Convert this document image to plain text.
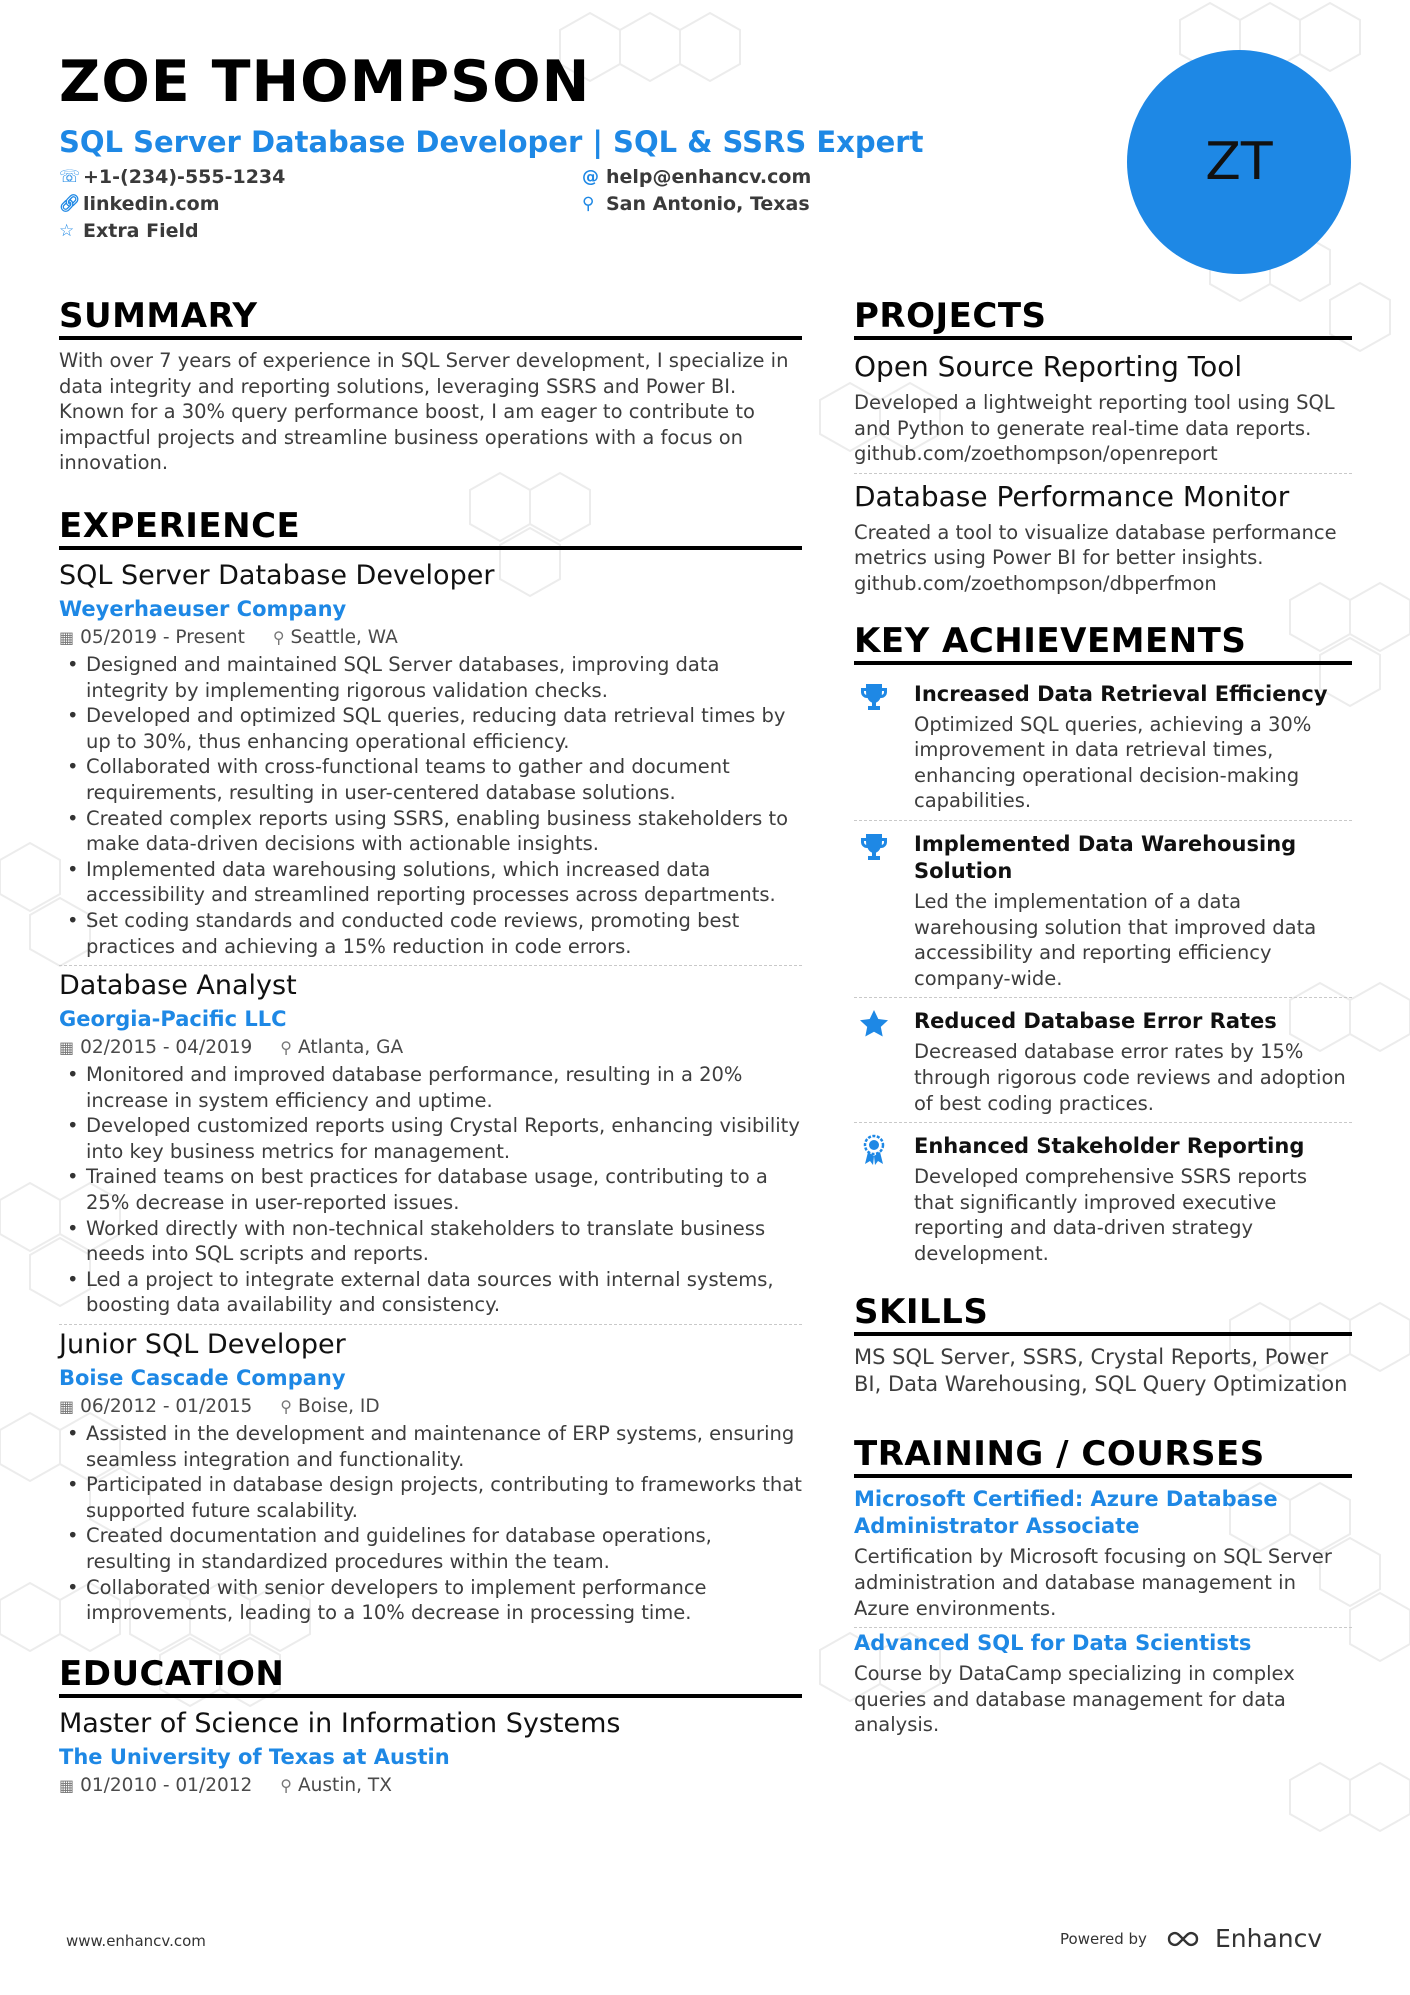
ZOE THOMPSON
SQL Server Database Developer | SQL & SSRS Expert
☏ +1-(234)-555-1234	@ help@enhancv.com
🔗︎ linkedin.com	⚲ San Antonio, Texas
☆ Extra Field
ZT
SUMMARY
With over 7 years of experience in SQL Server development, I specialize in data integrity and reporting solutions, leveraging SSRS and Power BI. Known for a 30% query performance boost, I am eager to contribute to impactful projects and streamline business operations with a focus on innovation.
EXPERIENCE
SQL Server Database Developer
Weyerhaeuser Company
▦ 05/2019 - Present ⚲ Seattle, WA
• Designed and maintained SQL Server databases, improving data integrity by implementing rigorous validation checks.
• Developed and optimized SQL queries, reducing data retrieval times by up to 30%, thus enhancing operational efficiency.
• Collaborated with cross-functional teams to gather and document requirements, resulting in user-centered database solutions.
• Created complex reports using SSRS, enabling business stakeholders to make data-driven decisions with actionable insights.
• Implemented data warehousing solutions, which increased data accessibility and streamlined reporting processes across departments.
• Set coding standards and conducted code reviews, promoting best practices and achieving a 15% reduction in code errors.
Database Analyst
Georgia-Pacific LLC
▦ 02/2015 - 04/2019 ⚲ Atlanta, GA
• Monitored and improved database performance, resulting in a 20% increase in system efficiency and uptime.
• Developed customized reports using Crystal Reports, enhancing visibility into key business metrics for management.
• Trained teams on best practices for database usage, contributing to a 25% decrease in user-reported issues.
• Worked directly with non-technical stakeholders to translate business needs into SQL scripts and reports.
• Led a project to integrate external data sources with internal systems, boosting data availability and consistency.
Junior SQL Developer
Boise Cascade Company
▦ 06/2012 - 01/2015 ⚲ Boise, ID
• Assisted in the development and maintenance of ERP systems, ensuring seamless integration and functionality.
• Participated in database design projects, contributing to frameworks that supported future scalability.
• Created documentation and guidelines for database operations, resulting in standardized procedures within the team.
• Collaborated with senior developers to implement performance improvements, leading to a 10% decrease in processing time.
EDUCATION
Master of Science in Information Systems
The University of Texas at Austin
▦ 01/2010 - 01/2012 ⚲ Austin, TX
PROJECTS
Open Source Reporting Tool
Developed a lightweight reporting tool using SQL and Python to generate real-time data reports. github.com/zoethompson/openreport
Database Performance Monitor
Created a tool to visualize database performance metrics using Power BI for better insights. github.com/zoethompson/dbperfmon
KEY ACHIEVEMENTS
Increased Data Retrieval Efficiency
Optimized SQL queries, achieving a 30% improvement in data retrieval times, enhancing operational decision-making capabilities.
Implemented Data Warehousing Solution
Led the implementation of a data warehousing solution that improved data accessibility and reporting efficiency company-wide.
Reduced Database Error Rates
Decreased database error rates by 15% through rigorous code reviews and adoption of best coding practices.
Enhanced Stakeholder Reporting
Developed comprehensive SSRS reports that significantly improved executive reporting and data-driven strategy development.
SKILLS
MS SQL Server, SSRS, Crystal Reports, Power BI, Data Warehousing, SQL Query Optimization
TRAINING / COURSES
Microsoft Certified: Azure Database Administrator Associate
Certification by Microsoft focusing on SQL Server administration and database management in Azure environments.
Advanced SQL for Data Scientists
Course by DataCamp specializing in complex queries and database management for data analysis.
www.enhancv.com	Powered by	Enhancv
